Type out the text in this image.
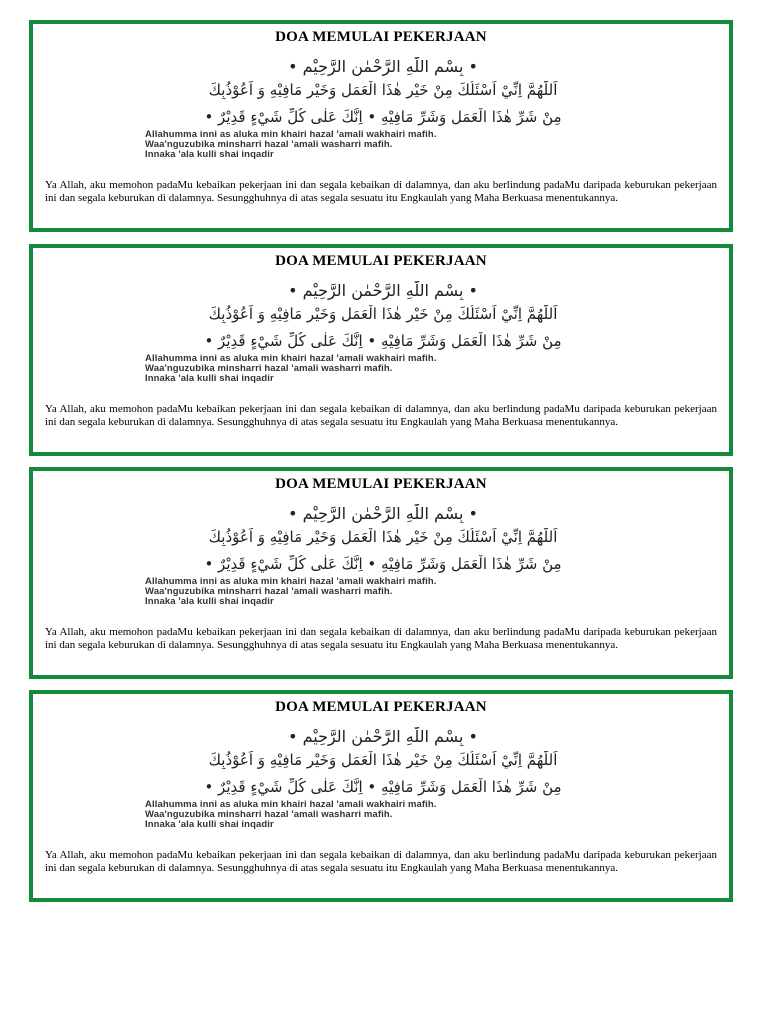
DOA MEMULAI PEKERJAAN
• بِسْمِ اللّٰهِ الرَّحْمٰنِ الرَّحِيْمِ •
اَللّٰهُمَّ اِنِّيْ اَسْئَلُكَ مِنْ خَيْرِ هٰذَا الْعَمَلِ وَخَيْرِ مَافِيْهِ وَ اَعُوْذُبِكَ
مِنْ شَرِّ هٰذَا الْعَمَلِ وَشَرِّ مَافِيْهِ • اِنَّكَ عَلٰى كُلِّ شَيْءٍ قَدِيْرٌ •
Allahumma inni as aluka min khairi hazal 'amali wakhairi mafih.
Waa'nguzubika minsharri hazal 'amali washarri mafih.
Innaka 'ala kulli shai inqadir
Ya Allah, aku memohon padaMu kebaikan pekerjaan ini dan segala kebaikan di dalamnya, dan aku berlindung padaMu daripada keburukan pekerjaan ini dan segala keburukan di dalamnya. Sesungghuhnya di atas segala sesuatu itu Engkaulah yang Maha Berkuasa menentukannya.
DOA MEMULAI PEKERJAAN
• بِسْمِ اللّٰهِ الرَّحْمٰنِ الرَّحِيْمِ •
اَللّٰهُمَّ اِنِّيْ اَسْئَلُكَ مِنْ خَيْرِ هٰذَا الْعَمَلِ وَخَيْرِ مَافِيْهِ وَ اَعُوْذُبِكَ
مِنْ شَرِّ هٰذَا الْعَمَلِ وَشَرِّ مَافِيْهِ • اِنَّكَ عَلٰى كُلِّ شَيْءٍ قَدِيْرٌ •
Allahumma inni as aluka min khairi hazal 'amali wakhairi mafih.
Waa'nguzubika minsharri hazal 'amali washarri mafih.
Innaka 'ala kulli shai inqadir
Ya Allah, aku memohon padaMu kebaikan pekerjaan ini dan segala kebaikan di dalamnya, dan aku berlindung padaMu daripada keburukan pekerjaan ini dan segala keburukan di dalamnya. Sesungghuhnya di atas segala sesuatu itu Engkaulah yang Maha Berkuasa menentukannya.
DOA MEMULAI PEKERJAAN
• بِسْمِ اللّٰهِ الرَّحْمٰنِ الرَّحِيْمِ •
اَللّٰهُمَّ اِنِّيْ اَسْئَلُكَ مِنْ خَيْرِ هٰذَا الْعَمَلِ وَخَيْرِ مَافِيْهِ وَ اَعُوْذُبِكَ
مِنْ شَرِّ هٰذَا الْعَمَلِ وَشَرِّ مَافِيْهِ • اِنَّكَ عَلٰى كُلِّ شَيْءٍ قَدِيْرٌ •
Allahumma inni as aluka min khairi hazal 'amali wakhairi mafih.
Waa'nguzubika minsharri hazal 'amali washarri mafih.
Innaka 'ala kulli shai inqadir
Ya Allah, aku memohon padaMu kebaikan pekerjaan ini dan segala kebaikan di dalamnya, dan aku berlindung padaMu daripada keburukan pekerjaan ini dan segala keburukan di dalamnya. Sesungghuhnya di atas segala sesuatu itu Engkaulah yang Maha Berkuasa menentukannya.
DOA MEMULAI PEKERJAAN
• بِسْمِ اللّٰهِ الرَّحْمٰنِ الرَّحِيْمِ •
اَللّٰهُمَّ اِنِّيْ اَسْئَلُكَ مِنْ خَيْرِ هٰذَا الْعَمَلِ وَخَيْرِ مَافِيْهِ وَ اَعُوْذُبِكَ
مِنْ شَرِّ هٰذَا الْعَمَلِ وَشَرِّ مَافِيْهِ • اِنَّكَ عَلٰى كُلِّ شَيْءٍ قَدِيْرٌ •
Allahumma inni as aluka min khairi hazal 'amali wakhairi mafih.
Waa'nguzubika minsharri hazal 'amali washarri mafih.
Innaka 'ala kulli shai inqadir
Ya Allah, aku memohon padaMu kebaikan pekerjaan ini dan segala kebaikan di dalamnya, dan aku berlindung padaMu daripada keburukan pekerjaan ini dan segala keburukan di dalamnya. Sesungghuhnya di atas segala sesuatu itu Engkaulah yang Maha Berkuasa menentukannya.
